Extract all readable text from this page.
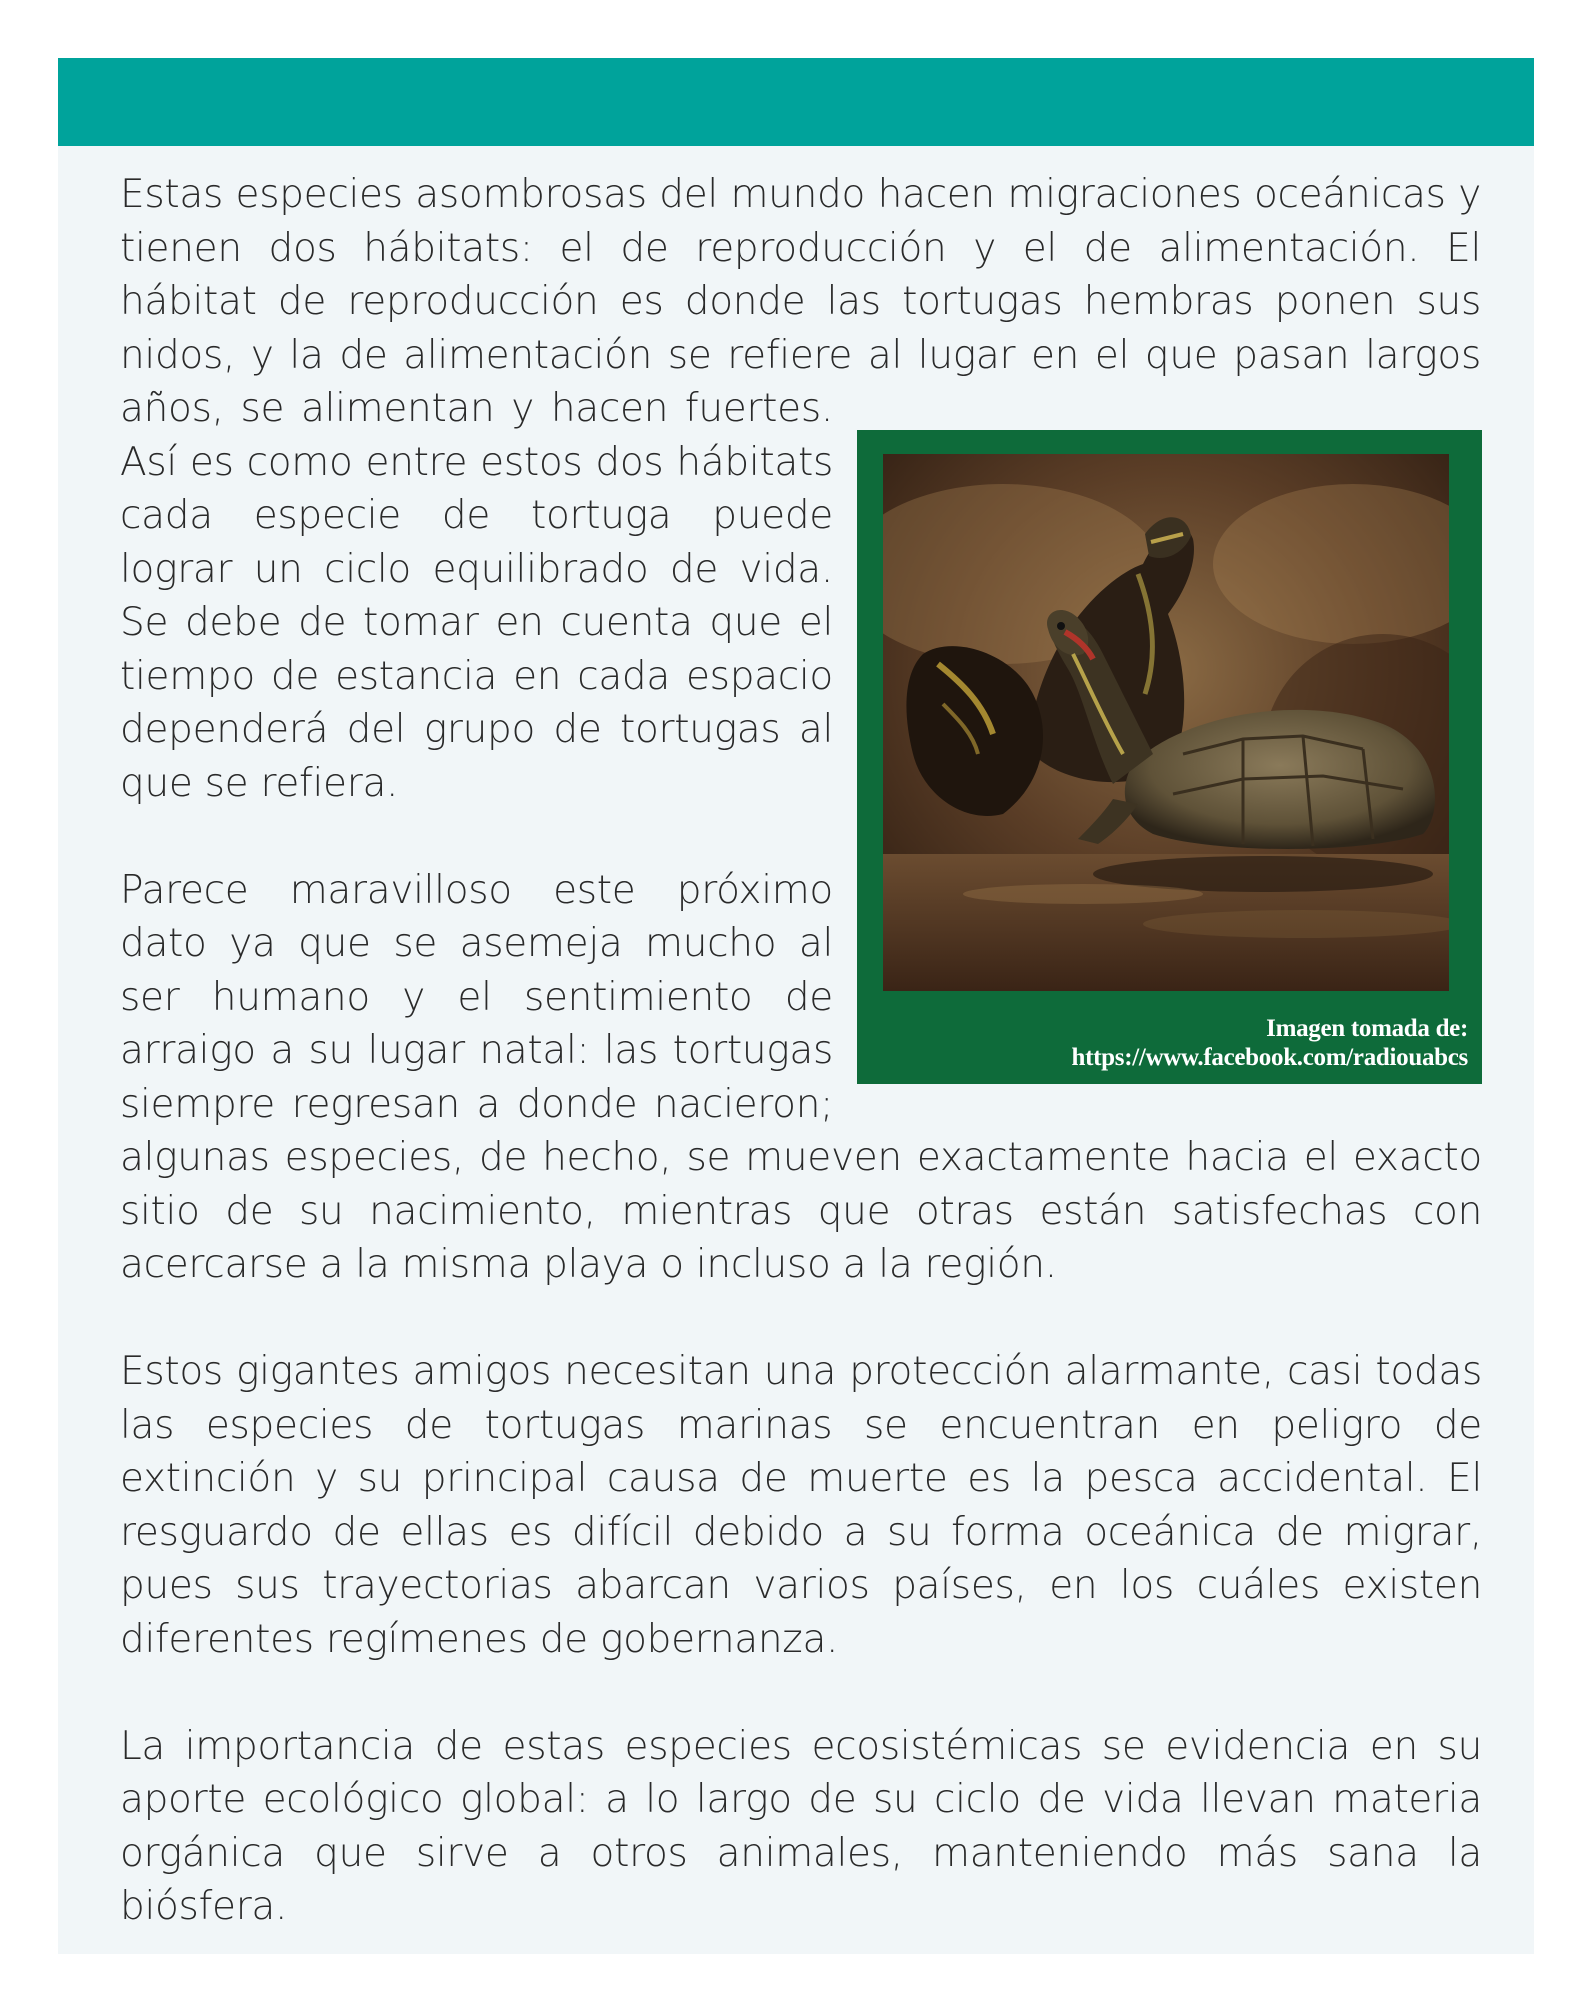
Imagen tomada de:
https://www.facebook.com/radiouabcs

Estas especies asombrosas del mundo hacen migraciones oceánicas y tienen dos hábitats: el de reproducción y el de alimentación. El hábitat de reproducción es donde las tortugas hembras ponen sus nidos, y la de alimentación se refiere al lugar en el que pasan largos años, se alimentan y hacen fuertes. Así es como entre estos dos hábitats cada especie de tortuga puede lograr un ciclo equilibrado de vida. Se debe de tomar en cuenta que el tiempo de estancia en cada espacio dependerá del grupo de tortugas al que se refiera.

Parece maravilloso este próximo dato ya que se asemeja mucho al ser humano y el sentimiento de arraigo a su lugar natal: las tortugas siempre regresan a donde nacieron; algunas especies, de hecho, se mueven exactamente hacia el exacto sitio de su nacimiento, mientras que otras están satisfechas con acercarse a la misma playa o incluso a la región.

Estos gigantes amigos necesitan una protección alarmante, casi todas las especies de tortugas marinas se encuentran en peligro de extinción y su principal causa de muerte es la pesca accidental. El resguardo de ellas es difícil debido a su forma oceánica de migrar, pues sus trayectorias abarcan varios países, en los cuáles existen diferentes regímenes de gobernanza.

La importancia de estas especies ecosistémicas se evidencia en su aporte ecológico global: a lo largo de su ciclo de vida llevan materia orgánica que sirve a otros animales, manteniendo más sana la biósfera.
